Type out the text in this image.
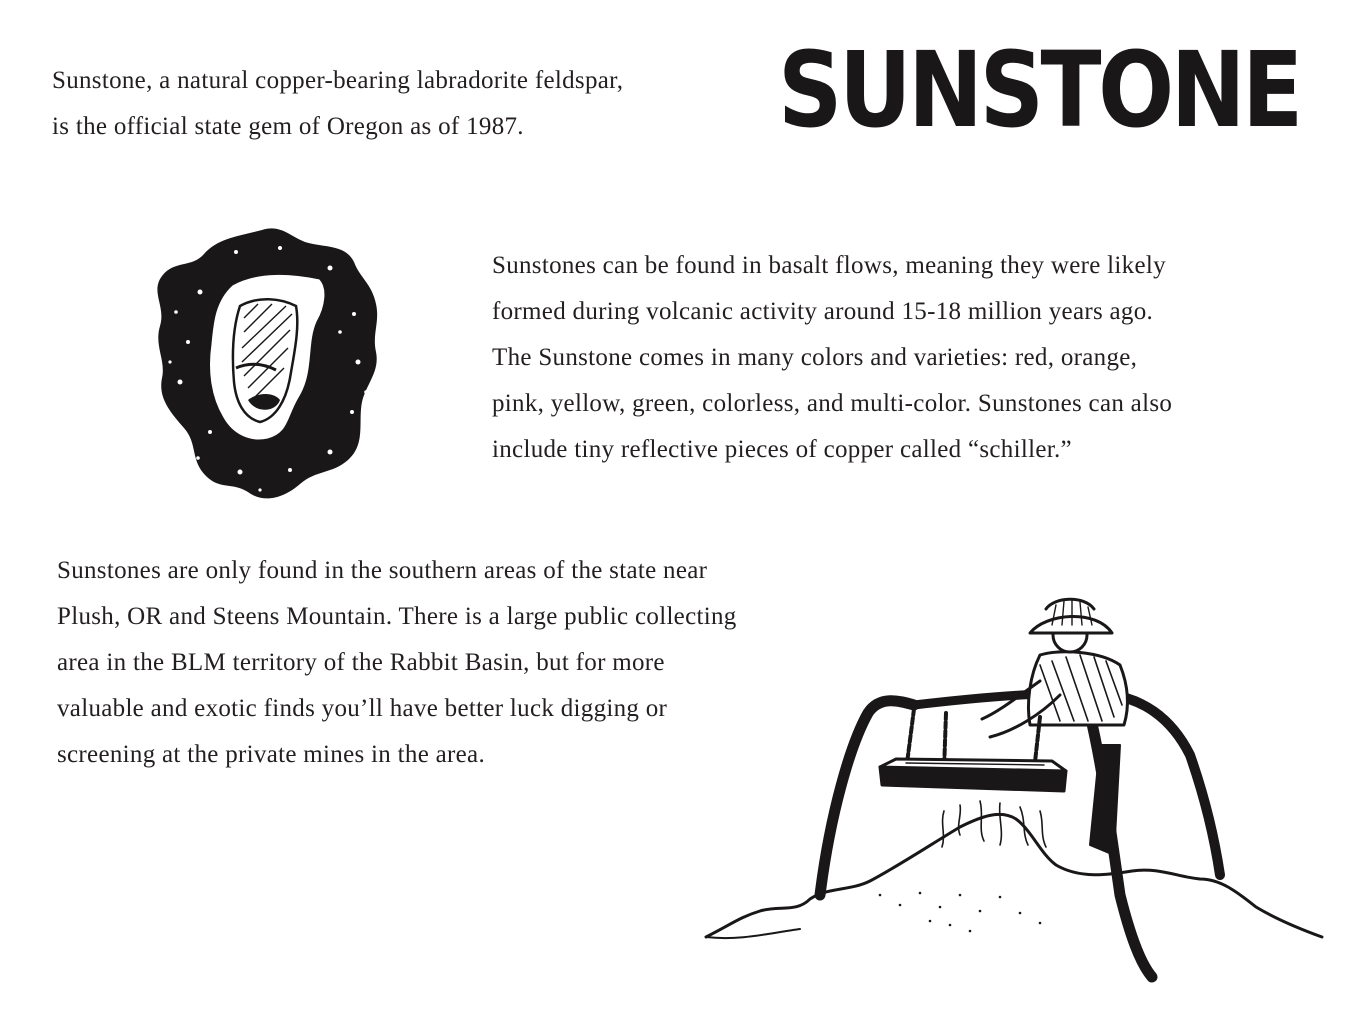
Sunstone, a natural copper-bearing labradorite feldspar,
is the official state gem of Oregon as of 1987.	SUNSTONE

Sunstones can be found in basalt flows, meaning they were likely
formed during volcanic activity around 15-18 million years ago.
The Sunstone comes in many colors and varieties: red, orange,
pink, yellow, green, colorless, and multi-color. Sunstones can also
include tiny reflective pieces of copper called “schiller.”

Sunstones are only found in the southern areas of the state near
Plush, OR and Steens Mountain. There is a large public collecting
area in the BLM territory of the Rabbit Basin, but for more
valuable and exotic finds you’ll have better luck digging or
screening at the private mines in the area.
